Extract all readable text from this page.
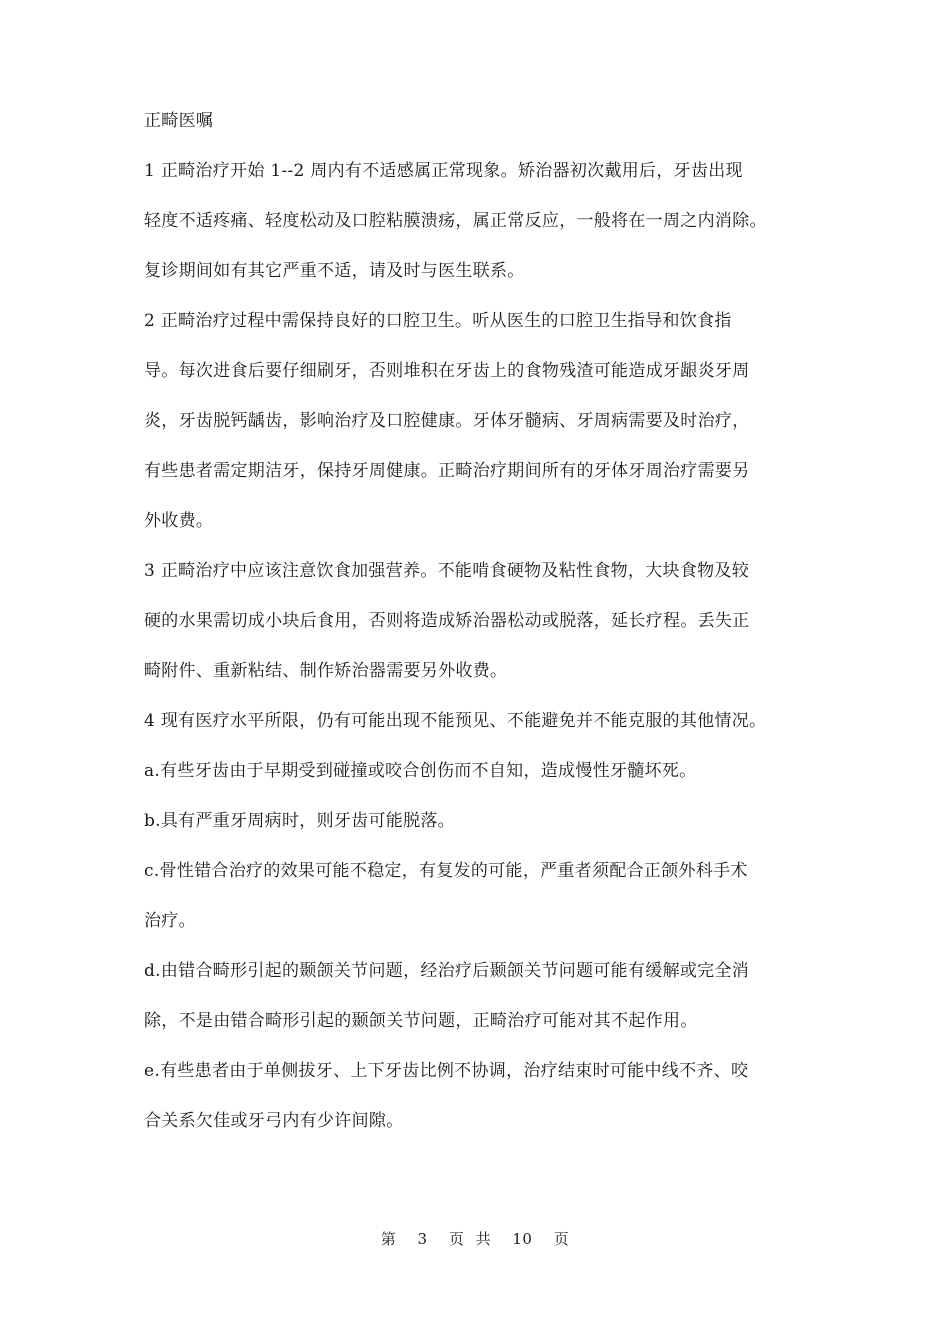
正畸医嘱
1 正畸治疗开始 1--2 周内有不适感属正常现象。矫治器初次戴用后，牙齿出现
轻度不适疼痛、轻度松动及口腔粘膜溃疡，属正常反应，一般将在一周之内消除。
复诊期间如有其它严重不适，请及时与医生联系。
2 正畸治疗过程中需保持良好的口腔卫生。听从医生的口腔卫生指导和饮食指
导。每次进食后要仔细刷牙，否则堆积在牙齿上的食物残渣可能造成牙龈炎牙周
炎，牙齿脱钙龋齿，影响治疗及口腔健康。牙体牙髓病、牙周病需要及时治疗，
有些患者需定期洁牙，保持牙周健康。正畸治疗期间所有的牙体牙周治疗需要另
外收费。
3 正畸治疗中应该注意饮食加强营养。不能啃食硬物及粘性食物，大块食物及较
硬的水果需切成小块后食用，否则将造成矫治器松动或脱落，延长疗程。丢失正
畸附件、重新粘结、制作矫治器需要另外收费。
4 现有医疗水平所限，仍有可能出现不能预见、不能避免并不能克服的其他情况。
a.有些牙齿由于早期受到碰撞或咬合创伤而不自知，造成慢性牙髓坏死。
b.具有严重牙周病时，则牙齿可能脱落。
c.骨性错合治疗的效果可能不稳定，有复发的可能，严重者须配合正颌外科手术
治疗。
d.由错合畸形引起的颞颌关节问题，经治疗后颞颌关节问题可能有缓解或完全消
除，不是由错合畸形引起的颞颌关节问题，正畸治疗可能对其不起作用。
e.有些患者由于单侧拔牙、上下牙齿比例不协调，治疗结束时可能中线不齐、咬
合关系欠佳或牙弓内有少许间隙。
第 3 页 共 10 页
